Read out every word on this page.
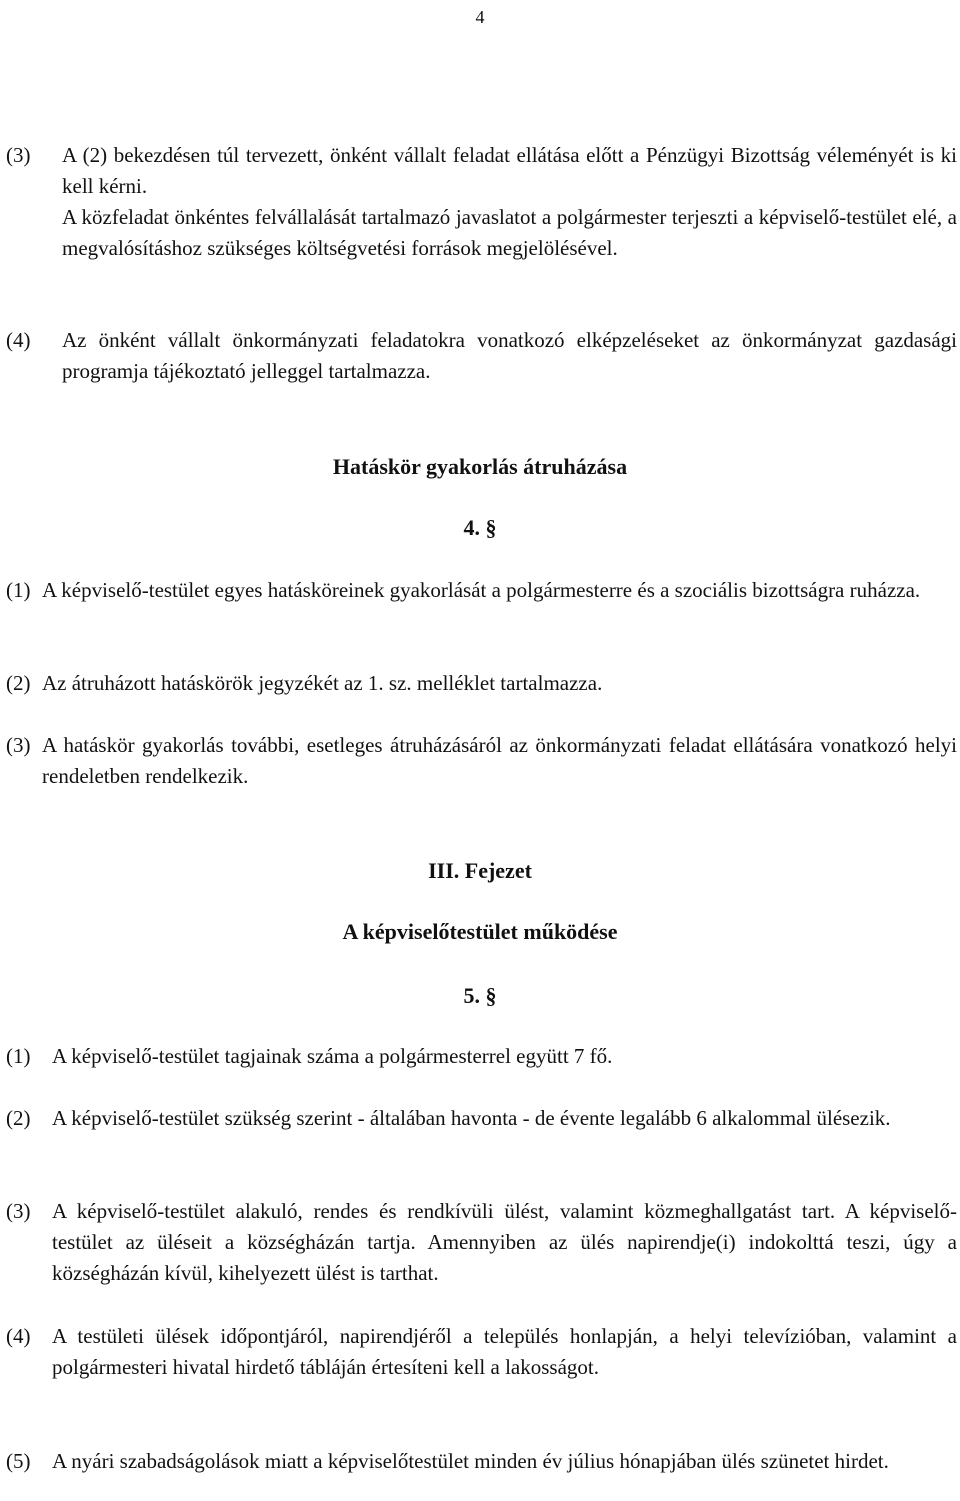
4
(3) A (2) bekezdésen túl tervezett, önként vállalt feladat ellátása előtt a Pénzügyi Bizottság véleményét is ki kell kérni.
A közfeladat önkéntes felvállalását tartalmazó javaslatot a polgármester terjeszti a képviselő-testület elé, a megvalósításhoz szükséges költségvetési források megjelölésével.
(4) Az önként vállalt önkormányzati feladatokra vonatkozó elképzeléseket az önkormányzat gazdasági programja tájékoztató jelleggel tartalmazza.
Hatáskör gyakorlás átruházása
4. §
(1) A képviselő-testület egyes hatásköreinek gyakorlását a polgármesterre és a szociális bizottságra ruházza.
(2) Az átruházott hatáskörök jegyzékét az 1. sz. melléklet tartalmazza.
(3) A hatáskör gyakorlás további, esetleges átruházásáról az önkormányzati feladat ellátására vonatkozó helyi rendeletben rendelkezik.
III. Fejezet
A képviselőtestület működése
5. §
(1) A képviselő-testület tagjainak száma a polgármesterrel együtt 7 fő.
(2) A képviselő-testület szükség szerint - általában havonta - de évente legalább 6 alkalommal ülésezik.
(3) A képviselő-testület alakuló, rendes és rendkívüli ülést, valamint közmeghallgatást tart. A képviselő-testület az üléseit a községházán tartja. Amennyiben az ülés napirendje(i) indokolttá teszi, úgy a községházán kívül, kihelyezett ülést is tarthat.
(4) A testületi ülések időpontjáról, napirendjéről a település honlapján, a helyi televízióban, valamint a polgármesteri hivatal hirdető tábláján értesíteni kell a lakosságot.
(5) A nyári szabadságolások miatt a képviselőtestület minden év július hónapjában ülés szünetet hirdet.
